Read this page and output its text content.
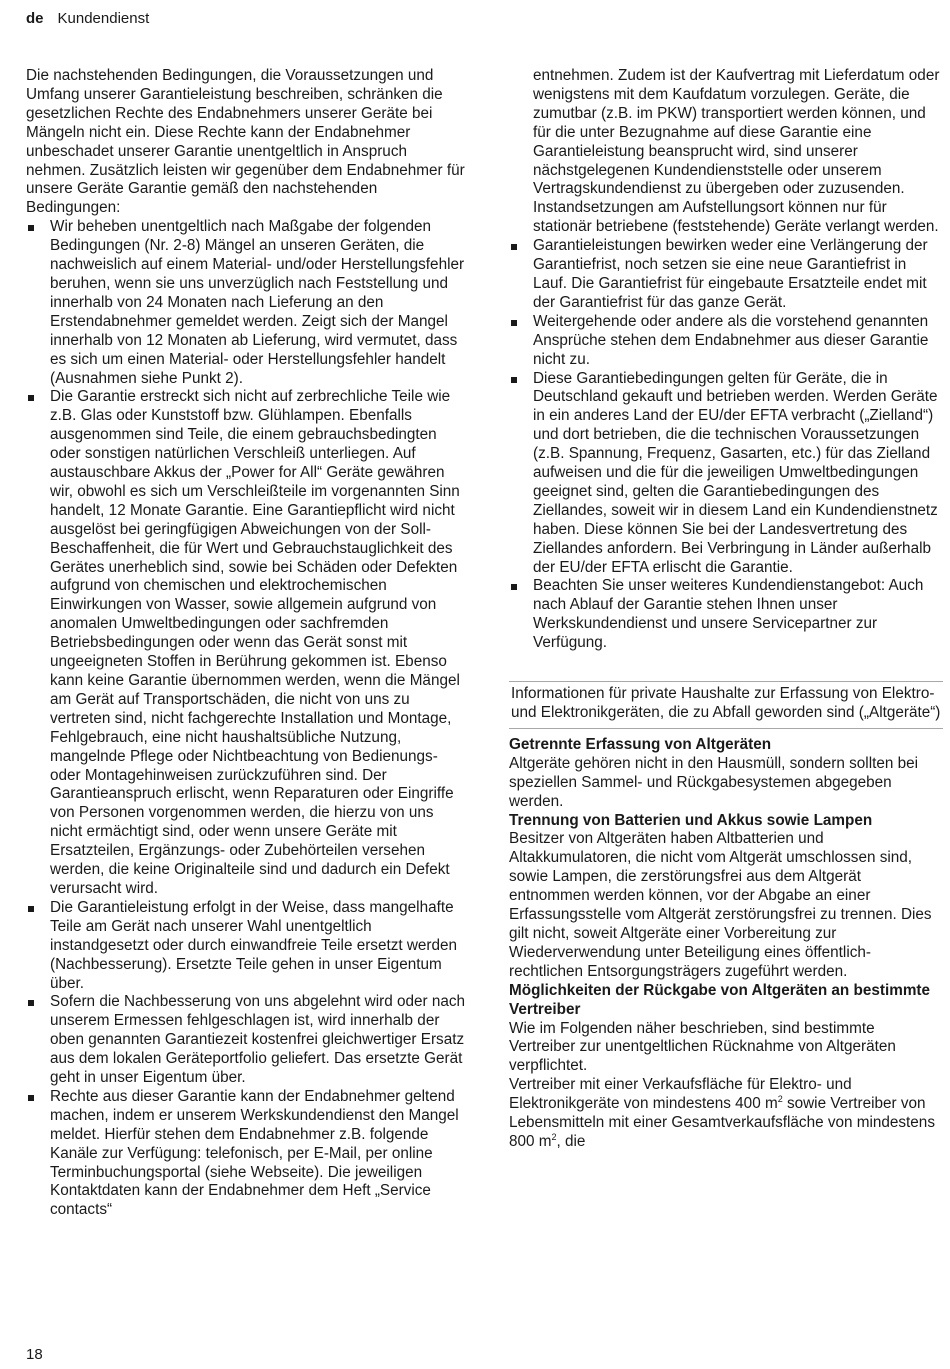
de Kundendienst

Die nachstehenden Bedingungen, die Voraussetzungen und Umfang unserer Garantieleistung beschreiben, schränken die gesetzlichen Rechte des Endabnehmers unserer Geräte bei Mängeln nicht ein. Diese Rechte kann der Endabnehmer unbeschadet unserer Garantie unentgeltlich in Anspruch nehmen. Zusätzlich leisten wir gegenüber dem Endabnehmer für unsere Geräte Garantie gemäß den nachstehenden Bedingungen:

Wir beheben unentgeltlich nach Maßgabe der folgenden Bedingungen (Nr. 2-8) Mängel an unseren Geräten, die nachweislich auf einem Material- und/oder Herstellungsfehler beruhen, wenn sie uns unverzüglich nach Feststellung und innerhalb von 24 Monaten nach Lieferung an den Erstendabnehmer gemeldet werden. Zeigt sich der Mangel innerhalb von 12 Monaten ab Lieferung, wird vermutet, dass es sich um einen Material- oder Herstellungsfehler handelt (Ausnahmen siehe Punkt 2).
Die Garantie erstreckt sich nicht auf zerbrechliche Teile wie z.B. Glas oder Kunststoff bzw. Glühlampen. Ebenfalls ausgenommen sind Teile, die einem gebrauchsbedingten oder sonstigen natürlichen Verschleiß unterliegen. Auf austauschbare Akkus der „Power for All“ Geräte gewähren wir, obwohl es sich um Verschleißteile im vorgenannten Sinn handelt, 12 Monate Garantie. Eine Garantiepflicht wird nicht ausgelöst bei geringfügigen Abweichungen von der Soll-Beschaffenheit, die für Wert und Gebrauchstauglichkeit des Gerätes unerheblich sind, sowie bei Schäden oder Defekten aufgrund von chemischen und elektrochemischen Einwirkungen von Wasser, sowie allgemein aufgrund von anomalen Umweltbedingungen oder sachfremden Betriebsbedingungen oder wenn das Gerät sonst mit ungeeigneten Stoffen in Berührung gekommen ist. Ebenso kann keine Garantie übernommen werden, wenn die Mängel am Gerät auf Transportschäden, die nicht von uns zu vertreten sind, nicht fachgerechte Installation und Montage, Fehlgebrauch, eine nicht haushaltsübliche Nutzung, mangelnde Pflege oder Nichtbeachtung von Bedienungs- oder Montagehinweisen zurückzuführen sind. Der Garantieanspruch erlischt, wenn Reparaturen oder Eingriffe von Personen vorgenommen werden, die hierzu von uns nicht ermächtigt sind, oder wenn unsere Geräte mit Ersatzteilen, Ergänzungs- oder Zubehörteilen versehen werden, die keine Originalteile sind und dadurch ein Defekt verursacht wird.
Die Garantieleistung erfolgt in der Weise, dass mangelhafte Teile am Gerät nach unserer Wahl unentgeltlich instandgesetzt oder durch einwandfreie Teile ersetzt werden (Nachbesserung). Ersetzte Teile gehen in unser Eigentum über.
Sofern die Nachbesserung von uns abgelehnt wird oder nach unserem Ermessen fehlgeschlagen ist, wird innerhalb der oben genannten Garantiezeit kostenfrei gleichwertiger Ersatz aus dem lokalen Geräteportfolio geliefert. Das ersetzte Gerät geht in unser Eigentum über.
Rechte aus dieser Garantie kann der Endabnehmer geltend machen, indem er unserem Werkskundendienst den Mangel meldet. Hierfür stehen dem Endabnehmer z.B. folgende Kanäle zur Verfügung: telefonisch, per E-Mail, per online Terminbuchungsportal (siehe Webseite). Die jeweiligen Kontaktdaten kann der Endabnehmer dem Heft „Service contacts“

entnehmen. Zudem ist der Kaufvertrag mit Lieferdatum oder wenigstens mit dem Kaufdatum vorzulegen. Geräte, die zumutbar (z.B. im PKW) transportiert werden können, und für die unter Bezugnahme auf diese Garantie eine Garantieleistung beansprucht wird, sind unserer nächstgelegenen Kundendienststelle oder unserem Vertragskundendienst zu übergeben oder zuzusenden. Instandsetzungen am Aufstellungsort können nur für stationär betriebene (feststehende) Geräte verlangt werden.

Garantieleistungen bewirken weder eine Verlängerung der Garantiefrist, noch setzen sie eine neue Garantiefrist in Lauf. Die Garantiefrist für eingebaute Ersatzteile endet mit der Garantiefrist für das ganze Gerät.
Weitergehende oder andere als die vorstehend genannten Ansprüche stehen dem Endabnehmer aus dieser Garantie nicht zu.
Diese Garantiebedingungen gelten für Geräte, die in Deutschland gekauft und betrieben werden. Werden Geräte in ein anderes Land der EU/der EFTA verbracht („Zielland“) und dort betrieben, die die technischen Voraussetzungen (z.B. Spannung, Frequenz, Gasarten, etc.) für das Zielland aufweisen und die für die jeweiligen Umweltbedingungen geeignet sind, gelten die Garantiebedingungen des Ziellandes, soweit wir in diesem Land ein Kundendienstnetz haben. Diese können Sie bei der Landesvertretung des Ziellandes anfordern. Bei Verbringung in Länder außerhalb der EU/der EFTA erlischt die Garantie.
Beachten Sie unser weiteres Kundendienstangebot: Auch nach Ablauf der Garantie stehen Ihnen unser Werkskundendienst und unsere Servicepartner zur Verfügung.
Informationen für private Haushalte zur Erfassung von Elektro- und Elektronikgeräten, die zu Abfall geworden sind („Altgeräte“)
Getrennte Erfassung von Altgeräten

Altgeräte gehören nicht in den Hausmüll, sondern sollten bei speziellen Sammel- und Rückgabesystemen abgegeben werden.

Trennung von Batterien und Akkus sowie Lampen

Besitzer von Altgeräten haben Altbatterien und Altakkumulatoren, die nicht vom Altgerät umschlossen sind, sowie Lampen, die zerstörungsfrei aus dem Altgerät entnommen werden können, vor der Abgabe an einer Erfassungsstelle vom Altgerät zerstörungsfrei zu trennen. Dies gilt nicht, soweit Altgeräte einer Vorbereitung zur Wiederverwendung unter Beteiligung eines öffentlich-rechtlichen Entsorgungsträgers zugeführt werden.

Möglichkeiten der Rückgabe von Altgeräten an bestimmte Vertreiber

Wie im Folgenden näher beschrieben, sind bestimmte Vertreiber zur unentgeltlichen Rücknahme von Altgeräten verpflichtet.

Vertreiber mit einer Verkaufsfläche für Elektro- und Elektronikgeräte von mindestens 400 $m^2$ sowie Vertreiber von Lebensmitteln mit einer Gesamtverkaufsfläche von mindestens 800 $m^2$, die

18
